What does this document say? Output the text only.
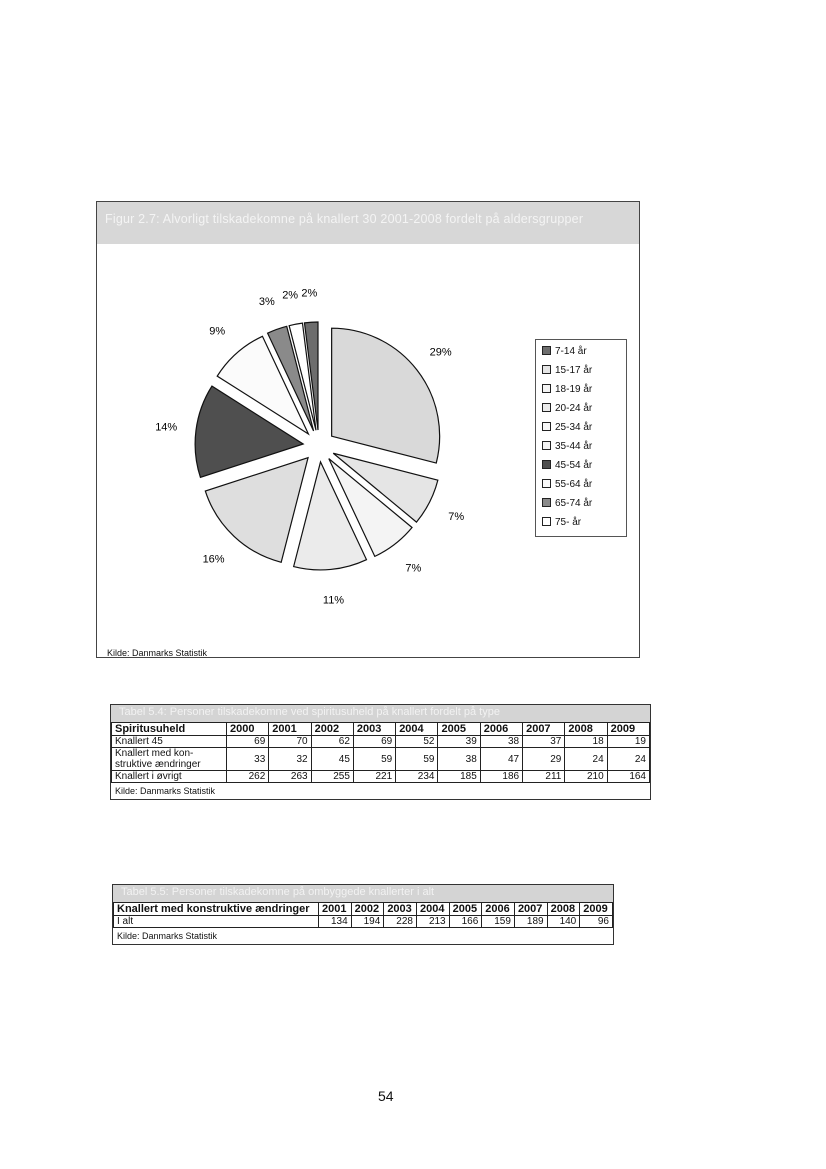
Figur 2.7: Alvorligt tilskadekomne på knallert 30 2001-2008 fordelt på aldersgrupper
29%
7%
7%
11%
16%
14%
9%
3%
2% 2%
7-14 år
15-17 år
18-19 år
20-24 år
25-34 år
35-44 år
45-54 år
55-64 år
65-74 år
75- år
Kilde: Danmarks Statistik
Tabel 5.4: Personer tilskadekomne ved spiritusuheld på knallert fordelt på type
Spiritusuheld	2000	2001	2002	2003	2004	2005	2006	2007	2008	2009
Knallert 45	69	70	62	69	52	39	38	37	18	19
Knallert med kon-struktive ændringer	33	32	45	59	59	38	47	29	24	24
Knallert i øvrigt	262	263	255	221	234	185	186	211	210	164
Kilde: Danmarks Statistik
Tabel 5.5: Personer tilskadekomne på ombyggede knallerter i alt
Knallert med konstruktive ændringer	2001	2002	2003	2004	2005	2006	2007	2008	2009
I alt	134	194	228	213	166	159	189	140	96
Kilde: Danmarks Statistik
54
